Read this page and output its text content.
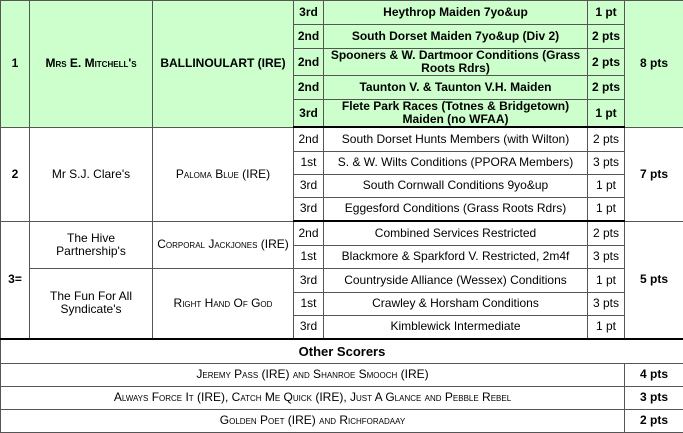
1	Mrs E. Mitchell's	BALLINOULART (IRE)	3rd	Heythrop Maiden 7yo&up	1 pt	8 pts
			2nd	South Dorset Maiden 7yo&up (Div 2)	2 pts	
			2nd	Spooners & W. Dartmoor Conditions (Grass Roots Rdrs)	2 pts	
			2nd	Taunton V. & Taunton V.H. Maiden	2 pts	
			3rd	Flete Park Races (Totnes & Bridgetown) Maiden (no WFAA)	1 pt	
2	Mr S.J. Clare's	Paloma Blue (IRE)	2nd	South Dorset Hunts Members (with Wilton)	2 pts	7 pts
			1st	S. & W. Wilts Conditions (PPORA Members)	3 pts	
			3rd	South Cornwall Conditions 9yo&up	1 pt	
			3rd	Eggesford Conditions (Grass Roots Rdrs)	1 pt	
3=	The Hive Partnership's	Corporal Jackjones (IRE)	2nd	Combined Services Restricted	2 pts	5 pts
			1st	Blackmore & Sparkford V. Restricted, 2m4f	3 pts	
	The Fun For All Syndicate's	Right Hand Of God	3rd	Countryside Alliance (Wessex) Conditions	1 pt	
			1st	Crawley & Horsham Conditions	3 pts	
			3rd	Kimblewick Intermediate	1 pt	
Other Scorers						
Jeremy Pass (IRE) and Shanroe Smooch (IRE)						4 pts
Always Force It (IRE), Catch Me Quick (IRE), Just A Glance and Pebble Rebel						3 pts
Golden Poet (IRE) and Richforadaay						2 pts
